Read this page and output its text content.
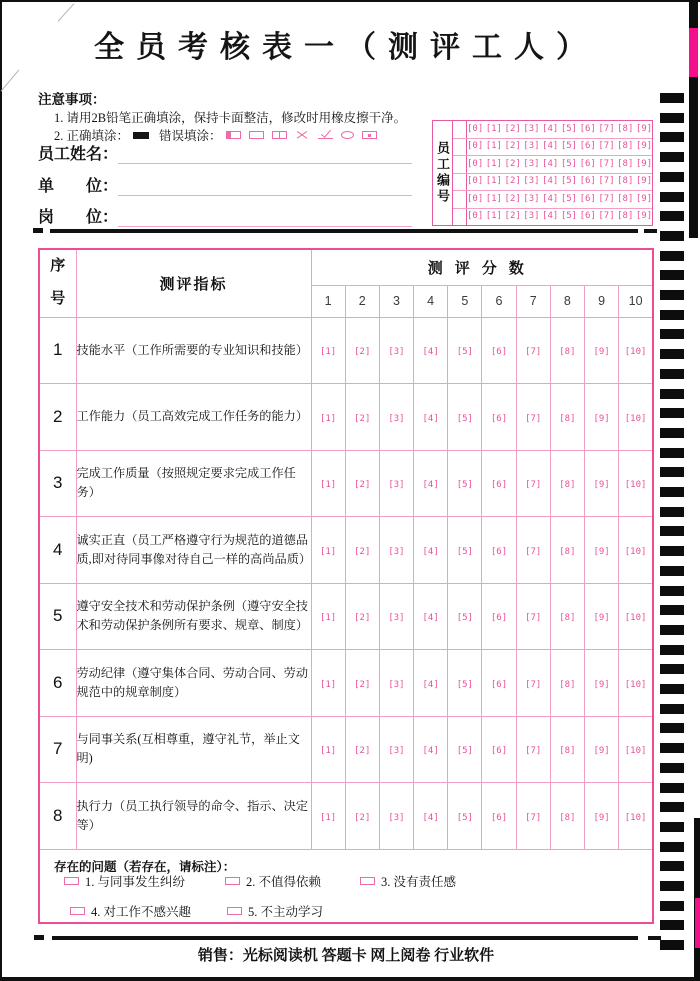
全员考核表一（测评工人）
注意事项：
1. 请用2B铅笔正确填涂，保持卡面整洁，修改时用橡皮擦干净。
2. 正确填涂： 错误填涂：
员工姓名：
单　　位：
岗　　位：
员工编号
[0] [1] [2] [3] [4] [5] [6] [7] [8] [9]
[0] [1] [2] [3] [4] [5] [6] [7] [8] [9]
[0] [1] [2] [3] [4] [5] [6] [7] [8] [9]
[0] [1] [2] [3] [4] [5] [6] [7] [8] [9]
[0] [1] [2] [3] [4] [5] [6] [7] [8] [9]
[0] [1] [2] [3] [4] [5] [6] [7] [8] [9]
序号	测评指标	测评分数									
		1	2	3	4	5	6	7	8	9	10
1	技能水平（工作所需要的专业知识和技能）	[1]	[2]	[3]	[4]	[5]	[6]	[7]	[8]	[9]	[10]
2	工作能力（员工高效完成工作任务的能力）	[1]	[2]	[3]	[4]	[5]	[6]	[7]	[8]	[9]	[10]
3	完成工作质量（按照规定要求完成工作任务）	[1]	[2]	[3]	[4]	[5]	[6]	[7]	[8]	[9]	[10]
4	诚实正直（员工严格遵守行为规范的道德品质,即对待同事像对待自己一样的高尚品质）	[1]	[2]	[3]	[4]	[5]	[6]	[7]	[8]	[9]	[10]
5	遵守安全技术和劳动保护条例（遵守安全技术和劳动保护条例所有要求、规章、制度）	[1]	[2]	[3]	[4]	[5]	[6]	[7]	[8]	[9]	[10]
6	劳动纪律（遵守集体合同、劳动合同、劳动规范中的规章制度）	[1]	[2]	[3]	[4]	[5]	[6]	[7]	[8]	[9]	[10]
7	与同事关系(互相尊重，遵守礼节，举止文明)	[1]	[2]	[3]	[4]	[5]	[6]	[7]	[8]	[9]	[10]
8	执行力（员工执行领导的命令、指示、决定等）	[1]	[2]	[3]	[4]	[5]	[6]	[7]	[8]	[9]	[10]

存在的问题（若存在，请标注）：
1. 与同事发生纠纷	2. 不值得依赖	3. 没有责任感
4. 对工作不感兴趣	5. 不主动学习
销售：光标阅读机 答题卡 网上阅卷 行业软件
